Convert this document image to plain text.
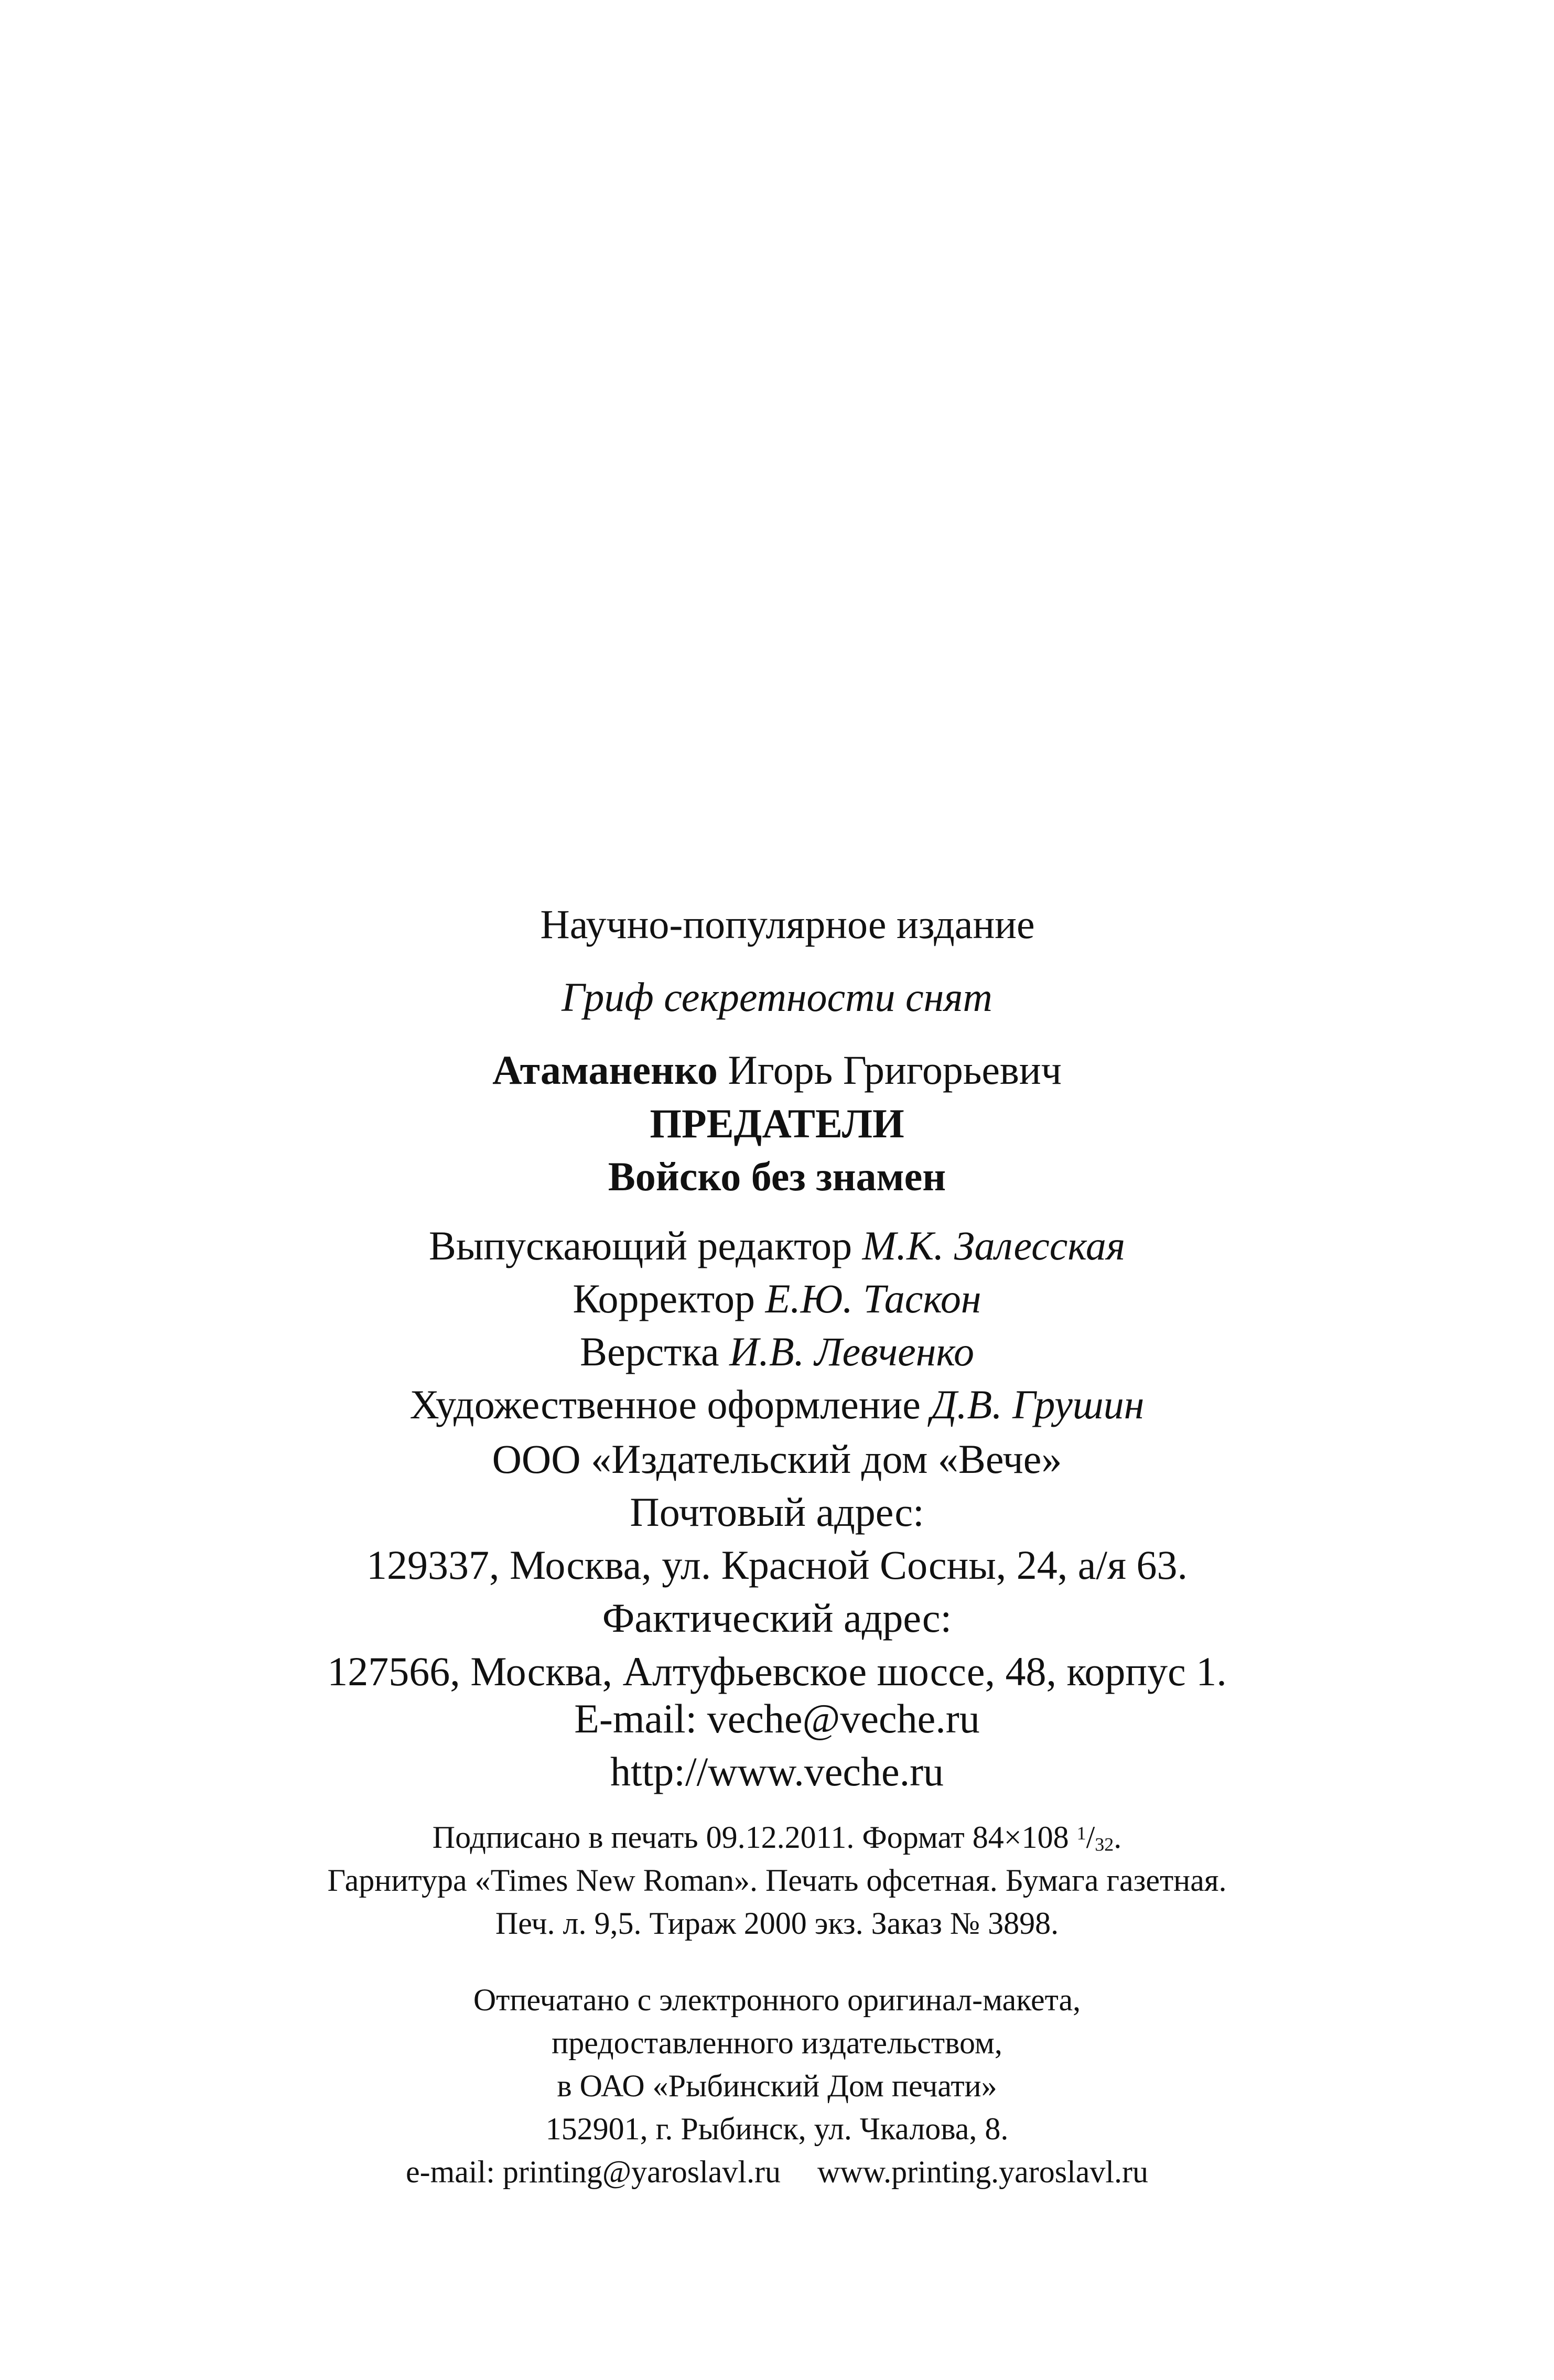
Научно-популярное издание
Гриф секретности снят
Атаманенко Игорь Григорьевич
ПРЕДАТЕЛИ
Войско без знамен
Выпускающий редактор М.К. Залесская
Корректор Е.Ю. Таскон
Верстка И.В. Левченко
Художественное оформление Д.В. Грушин
ООО «Издательский дом «Вече»
Почтовый адрес:
129337, Москва, ул. Красной Сосны, 24, а/я 63.
Фактический адрес:
127566, Москва, Алтуфьевское шоссе, 48, корпус 1.
E-mail: veche@veche.ru
http://www.veche.ru
Подписано в печать 09.12.2011. Формат 84×108 $^1$/32.
Гарнитура «Times New Roman». Печать офсетная. Бумага газетная.
Печ. л. 9,5. Тираж 2000 экз. Заказ № 3898.
Отпечатано с электронного оригинал-макета,
предоставленного издательством,
в ОАО «Рыбинский Дом печати»
152901, г. Рыбинск, ул. Чкалова, 8.
e-mail: printing@yaroslavl.ru www.printing.yaroslavl.ru
